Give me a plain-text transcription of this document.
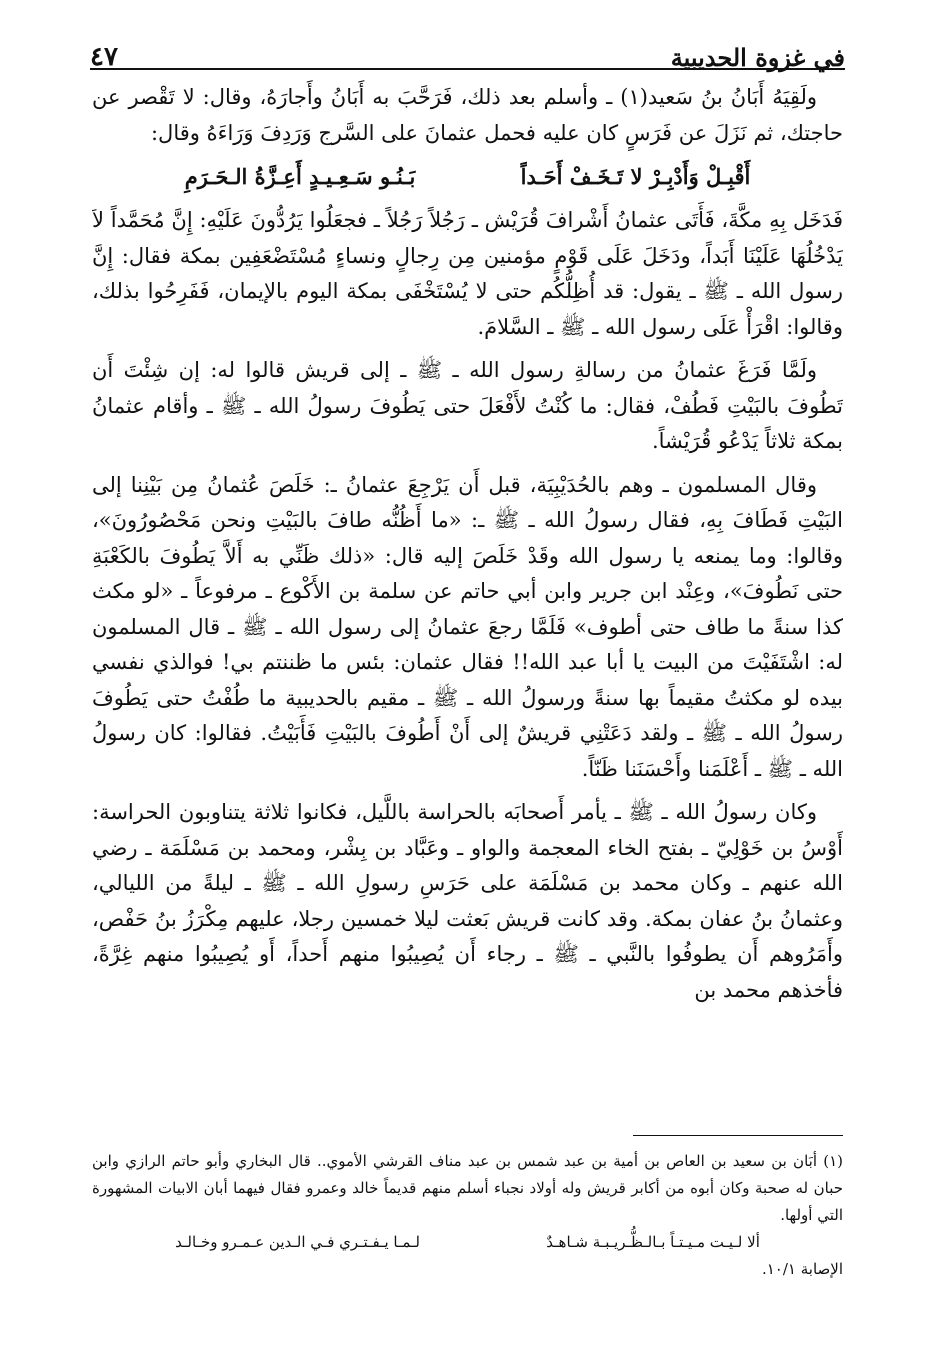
في غزوة الحديبية
٤٧

ولَقِيَهُ أَبَانُ بنُ سَعيد(١) ـ وأسلم بعد ذلك، فَرَحَّبَ به أَبَانُ وأَجارَهُ، وقال: لا تَقْصر عن حاجتك، ثم نَزَلَ عن فَرَسٍ كان عليه فحمل عثمانَ على السَّرج وَرَدِفَ وَرَاءَهُ وقال:

أَقْبِـلْ وَأَدْبِـرْ لا تَـخَـفْ أَحَـداً
بَـنُـو سَـعِـيـدٍ أَعِـزَّةُ الـحَـرَمِ

فَدَخَل بِهِ مكَّةَ، فَأَتَى عثمانُ أَشْرافَ قُرَيْش ـ رَجُلاً رَجُلاً ـ فجعَلُوا يَرُدُّونَ عَلَيْهِ: إِنَّ مُحَمَّداً لاَ يَدْخُلُهَا عَلَيْنَا أَبَداً، ودَخَلَ عَلَى قَوْمٍ مؤمنين مِن رِجالٍ ونساءٍ مُسْتَضْعَفِين بمكة فقال: إِنَّ رسول الله ـ ﷺ ـ يقول: قد أُظِلُّكُم حتى لا يُسْتَخْفَى بمكة اليوم بالإيمان، فَفَرِحُوا بذلك، وقالوا: اقْرَأْ عَلَى رسول الله ـ ﷺ ـ السَّلامَ.

ولَمَّا فَرَغَ عثمانُ من رسالةِ رسول الله ـ ﷺ ـ إلى قريش قالوا له: إن شِئْتَ أَن تَطُوفَ بالبَيْتِ فَطُفْ، فقال: ما كُنْتُ لأَفْعَلَ حتى يَطُوفَ رسولُ الله ـ ﷺ ـ وأقام عثمانُ بمكة ثلاثاً يَدْعُو قُرَيْشاً.

وقال المسلمون ـ وهم بالحُدَيْبِيَة، قبل أَن يَرْجِعَ عثمانُ ـ: خَلَصَ عُثمانُ مِن بَيْنِنا إلى البَيْتِ فَطَافَ بِهِ، فقال رسولُ الله ـ ﷺ ـ: «ما أَظُنُّه طافَ بالبَيْتِ ونحن مَحْصُورُونَ»، وقالوا: وما يمنعه يا رسول الله وقَدْ خَلَصَ إليه قال: «ذلك ظَنِّي به أَلاَّ يَطُوفَ بالكَعْبَةِ حتى نَطُوفَ»، وعِنْد ابن جرير وابن أبي حاتم عن سلمة بن الأَكْوع ـ مرفوعاً ـ «لو مكث كذا سنةً ما طاف حتى أطوف» فَلَمَّا رجعَ عثمانُ إلى رسول الله ـ ﷺ ـ قال المسلمون له: اشْتَفَيْتَ من البيت يا أبا عبد الله!! فقال عثمان: بئس ما ظننتم بي! فوالذي نفسي بيده لو مكثتُ مقيماً بها سنةً ورسولُ الله ـ ﷺ ـ مقيم بالحديبية ما طُفْتُ حتى يَطُوفَ رسولُ الله ـ ﷺ ـ ولقد دَعَتْنِي قريشٌ إلى أَنْ أَطُوفَ بالبَيْتِ فَأَبَيْتُ. فقالوا: كان رسولُ الله ـ ﷺ ـ أَعْلَمَنا وأَحْسَنَنا ظَنّاً.

وكان رسولُ الله ـ ﷺ ـ يأمر أَصحابَه بالحراسة باللَّيل، فكانوا ثلاثة يتناوبون الحراسة: أَوْسُ بن خَوْلِيّ ـ بفتح الخاء المعجمة والواو ـ وعَبَّاد بن بِشْر، ومحمد بن مَسْلَمَة ـ رضي الله عنهم ـ وكان محمد بن مَسْلَمَة على حَرَسِ رسولِ الله ـ ﷺ ـ ليلةً من الليالي، وعثمانُ بنُ عفان بمكة. وقد كانت قريش بَعثت ليلا خمسين رجلا، عليهم مِكْرَزُ بنُ حَفْص، وأَمَرُوهم أَن يطوفُوا بالنَّبي ـ ﷺ ـ رجاء أَن يُصِيبُوا منهم أَحداً، أَو يُصِيبُوا منهم غِرَّةً، فأخذهم محمد بن

(١) أبَان بن سعيد بن العاص بن أمية بن عبد شمس بن عبد مناف القرشي الأموي.. قال البخاري وأبو حاتم الرازي وابن حبان له صحبة وكان أبوه من أكابر قريش وله أولاد نجباء أسلم منهم قديماً خالد وعمرو فقال فيهما أبان الابيات المشهورة التي أولها.

ألا لـيـت مـيـتـاً بـالـظُّـريـبـة شـاهـدٌ
لـمـا يـفـتـري فـي الـدين عـمـرو وخـالـد
الإصابة ١٠/١.
